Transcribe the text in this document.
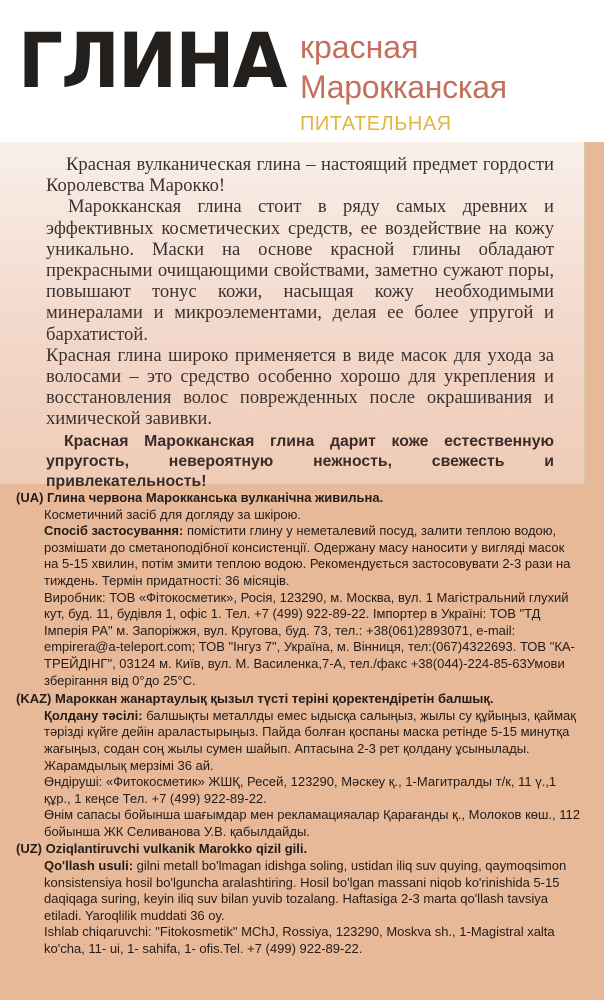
ГЛИНА красная
Марокканская
ПИТАТЕЛЬНАЯ

Красная вулканическая глина – настоящий предмет гордости Королевства Марокко!

Марокканская глина стоит в ряду самых древних и эффективных косметических средств, ее воздействие на кожу уникально. Маски на основе красной глины обладают прекрасными очищающими свойствами, заметно сужают поры, повышают тонус кожи, насыщая кожу необходимыми минералами и микроэлементами, делая ее более упругой и бархатистой.

Красная глина широко применяется в виде масок для ухода за волосами – это средство особенно хорошо для укрепления и восстановления волос поврежденных после окрашивания и химической завивки.

Красная Марокканская глина дарит коже естественную упругость, невероятную нежность, свежесть и привлекательность!

(UA) Глина червона Марокканська вулканічна живильна.

Косметичний засіб для догляду за шкірою.

Спосіб застосування: помістити глину у неметалевий посуд, залити теплою водою, розмішати до сметаноподібної консистенції. Одержану масу наносити у вигляді масок на 5-15 хвилин, потім змити теплою водою. Рекомендується застосовувати 2-3 рази на тиждень. Термін придатності: 36 місяців.

Виробник: ТОВ «Фітокосметик», Росія, 123290, м. Москва, вул. 1 Магістральний глухий кут, буд. 11, будівля 1, офіс 1. Тел. +7 (499) 922-89-22. Імпортер в Україні: ТОВ "ТД Імперія РА" м. Запоріжжя, вул. Кругова, буд. 73, тел.: +38(061)2893071, e-mail: empirera@a-teleport.com; ТОВ "Інгуз 7", Україна, м. Вінниця, тел:(067)4322693. ТОВ "КА-ТРЕЙДІНГ", 03124 м. Київ, вул. М. Василенка,7-А, тел./факс +38(044)-224-85-63Умови зберігання від 0°до 25°С.

(KAZ) Мароккан жанартаулық қызыл түсті терінi қоректендiретiн балшық.

Қолдану тәсілі: балшықты металлды емес ыдысқа салыңыз, жылы су құйыңыз, қаймақ тәрізді күйге дейін араластырыңыз. Пайда болған қоспаны маска ретінде 5-15 минутқа жағыңыз, содан соң жылы сумен шайып. Аптасына 2-3 рет қолдану ұсынылады. Жарамдылық мерзімі 36 ай.

Өндіруші: «Фитокосметик» ЖШҚ, Ресей, 123290, Мәскеу қ., 1-Магитралды т/к, 11 ү.,1 құр., 1 кеңсе Тел. +7 (499) 922-89-22.

Өнім сапасы бойынша шағымдар мен рекламацияалар Қарағанды қ., Молоков көш., 112 бойынша ЖК Селиванова У.В. қабылдайды.

(UZ) Oziqlantiruvchi vulkanik Marokko qizil gili.

Qo'llash usuli: gilni metall bo'lmagan idishga soling, ustidan iliq suv quying, qaymoqsimon konsistensiya hosil bo'lguncha aralashtiring. Hosil bo'lgan massani niqob ko'rinishida 5-15 daqiqaga suring, keyin iliq suv bilan yuvib tozalang. Haftasiga 2-3 marta qo'llash tavsiya etiladi. Yaroqlilik muddati 36 oy.

Ishlab chiqaruvchi: "Fitokosmetik" MChJ, Rossiya, 123290, Moskva sh., 1-Magistral xalta ko'cha, 11- ui, 1- sahifa, 1- ofis.Tel. +7 (499) 922-89-22.
